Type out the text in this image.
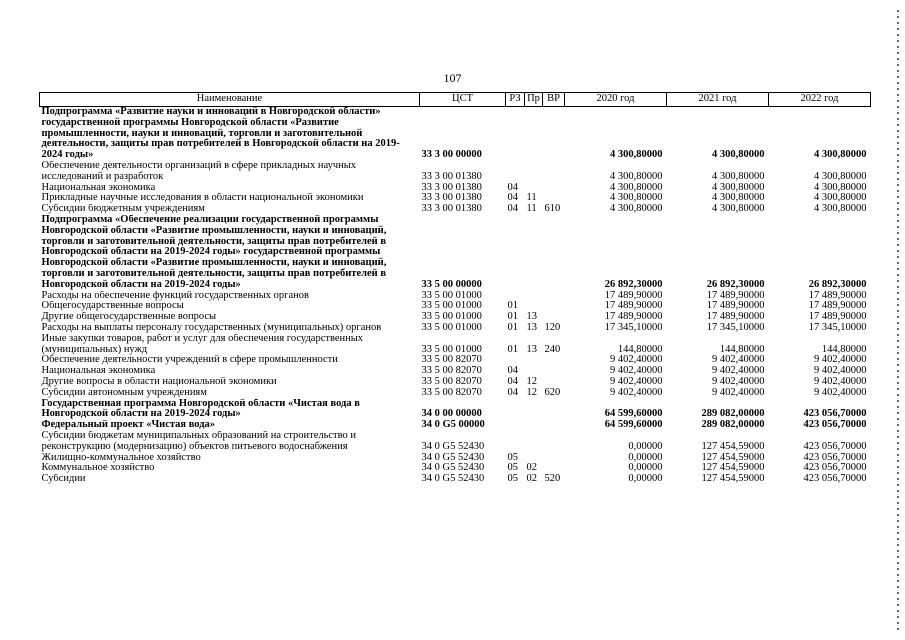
107
Наименование	ЦСТ	РЗ	Пр	ВР	2020 год	2021 год	2022 год
Подпрограмма «Развитие науки и инноваций в Новгородской области» государственной программы Новгородской области «Развитие промышленности, науки и инноваций, торговли и заготовительной деятельности, защиты прав потребителей в Новгородской области на 2019-2024 годы»	33 3 00 00000				4 300,80000	4 300,80000	4 300,80000
Обеспечение деятельности организаций в сфере прикладных научных исследований и разработок	33 3 00 01380				4 300,80000	4 300,80000	4 300,80000
Национальная экономика	33 3 00 01380	04			4 300,80000	4 300,80000	4 300,80000
Прикладные научные исследования в области национальной экономики	33 3 00 01380	04	11		4 300,80000	4 300,80000	4 300,80000
Субсидии бюджетным учреждениям	33 3 00 01380	04	11	610	4 300,80000	4 300,80000	4 300,80000
Подпрограмма «Обеспечение реализации государственной программы Новгородской области «Развитие промышленности, науки и инноваций, торговли и заготовительной деятельности, защиты прав потребителей в Новгородской области на 2019-2024 годы» государственной программы Новгородской области «Развитие промышленности, науки и инноваций, торговли и заготовительной деятельности, защиты прав потребителей в Новгородской области на 2019-2024 годы»	33 5 00 00000				26 892,30000	26 892,30000	26 892,30000
Расходы на обеспечение функций государственных органов	33 5 00 01000				17 489,90000	17 489,90000	17 489,90000
Общегосударственные вопросы	33 5 00 01000	01			17 489,90000	17 489,90000	17 489,90000
Другие общегосударственные вопросы	33 5 00 01000	01	13		17 489,90000	17 489,90000	17 489,90000
Расходы на выплаты персоналу государственных (муниципальных) органов	33 5 00 01000	01	13	120	17 345,10000	17 345,10000	17 345,10000
Иные закупки товаров, работ и услуг для обеспечения государственных (муниципальных) нужд	33 5 00 01000	01	13	240	144,80000	144,80000	144,80000
Обеспечение деятельности учреждений в сфере промышленности	33 5 00 82070				9 402,40000	9 402,40000	9 402,40000
Национальная экономика	33 5 00 82070	04			9 402,40000	9 402,40000	9 402,40000
Другие вопросы в области национальной экономики	33 5 00 82070	04	12		9 402,40000	9 402,40000	9 402,40000
Субсидии автономным учреждениям	33 5 00 82070	04	12	620	9 402,40000	9 402,40000	9 402,40000
Государственная программа Новгородской области «Чистая вода в Новгородской области на 2019-2024 годы»	34 0 00 00000				64 599,60000	289 082,00000	423 056,70000
Федеральный проект «Чистая вода»	34 0 G5 00000				64 599,60000	289 082,00000	423 056,70000
Субсидии бюджетам муниципальных образований на строительство и реконструкцию (модернизацию) объектов питьевого водоснабжения	34 0 G5 52430				0,00000	127 454,59000	423 056,70000
Жилищно-коммунальное хозяйство	34 0 G5 52430	05			0,00000	127 454,59000	423 056,70000
Коммунальное хозяйство	34 0 G5 52430	05	02		0,00000	127 454,59000	423 056,70000
Субсидии	34 0 G5 52430	05	02	520	0,00000	127 454,59000	423 056,70000
